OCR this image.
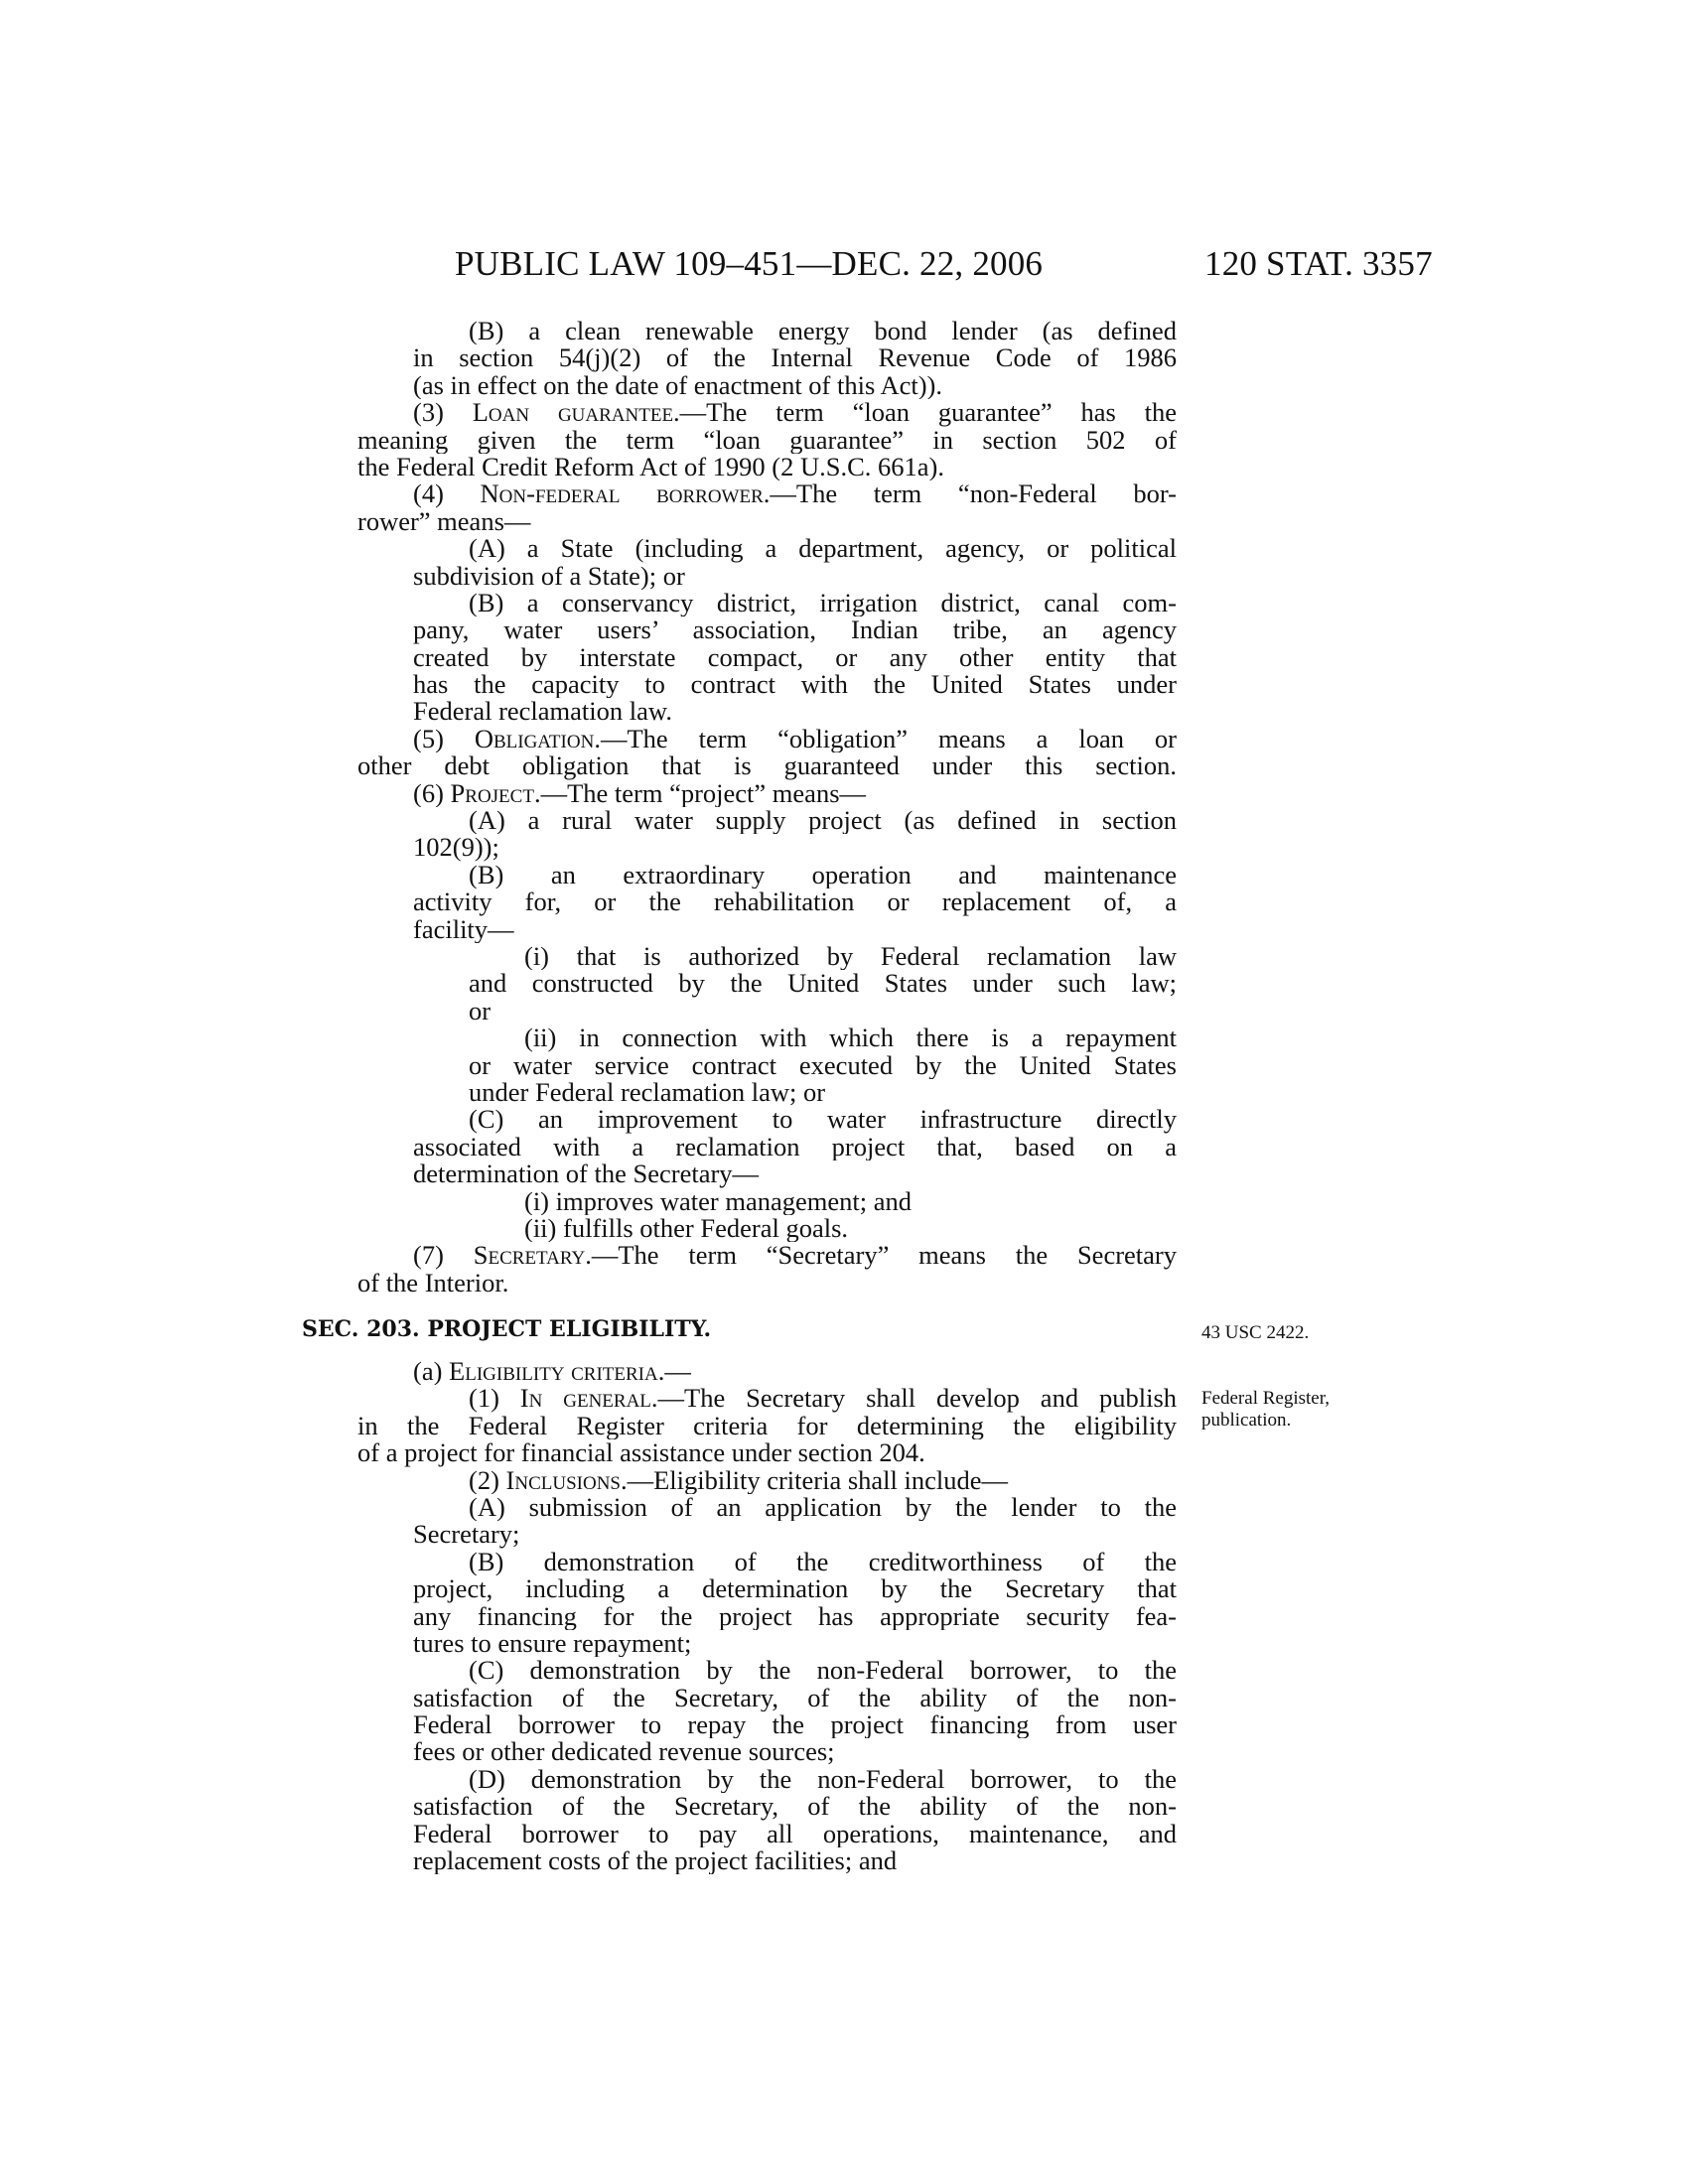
PUBLIC LAW 109–451—DEC. 22, 2006	120 STAT. 3357
(B) a clean renewable energy bond lender (as defined
in section 54(j)(2) of the Internal Revenue Code of 1986
(as in effect on the date of enactment of this Act)).
(3) Loan guarantee.—The term “loan guarantee” has the
meaning given the term “loan guarantee” in section 502 of
the Federal Credit Reform Act of 1990 (2 U.S.C. 661a).
(4) Non-federal borrower.—The term “non-Federal bor-
rower” means—
(A) a State (including a department, agency, or political
subdivision of a State); or
(B) a conservancy district, irrigation district, canal com-
pany, water users’ association, Indian tribe, an agency
created by interstate compact, or any other entity that
has the capacity to contract with the United States under
Federal reclamation law.
(5) Obligation.—The term “obligation” means a loan or
other debt obligation that is guaranteed under this section.
(6) Project.—The term “project” means—
(A) a rural water supply project (as defined in section
102(9));
(B) an extraordinary operation and maintenance
activity for, or the rehabilitation or replacement of, a
facility—
(i) that is authorized by Federal reclamation law
and constructed by the United States under such law;
or
(ii) in connection with which there is a repayment
or water service contract executed by the United States
under Federal reclamation law; or
(C) an improvement to water infrastructure directly
associated with a reclamation project that, based on a
determination of the Secretary—
(i) improves water management; and
(ii) fulfills other Federal goals.
(7) Secretary.—The term “Secretary” means the Secretary
of the Interior.
SEC. 203. PROJECT ELIGIBILITY.	43 USC 2422.
Federal Register,
publication.
(a) Eligibility criteria.—
(1) In general.—The Secretary shall develop and publish
in the Federal Register criteria for determining the eligibility
of a project for financial assistance under section 204.
(2) Inclusions.—Eligibility criteria shall include—
(A) submission of an application by the lender to the
Secretary;
(B) demonstration of the creditworthiness of the
project, including a determination by the Secretary that
any financing for the project has appropriate security fea-
tures to ensure repayment;
(C) demonstration by the non-Federal borrower, to the
satisfaction of the Secretary, of the ability of the non-
Federal borrower to repay the project financing from user
fees or other dedicated revenue sources;
(D) demonstration by the non-Federal borrower, to the
satisfaction of the Secretary, of the ability of the non-
Federal borrower to pay all operations, maintenance, and
replacement costs of the project facilities; and
